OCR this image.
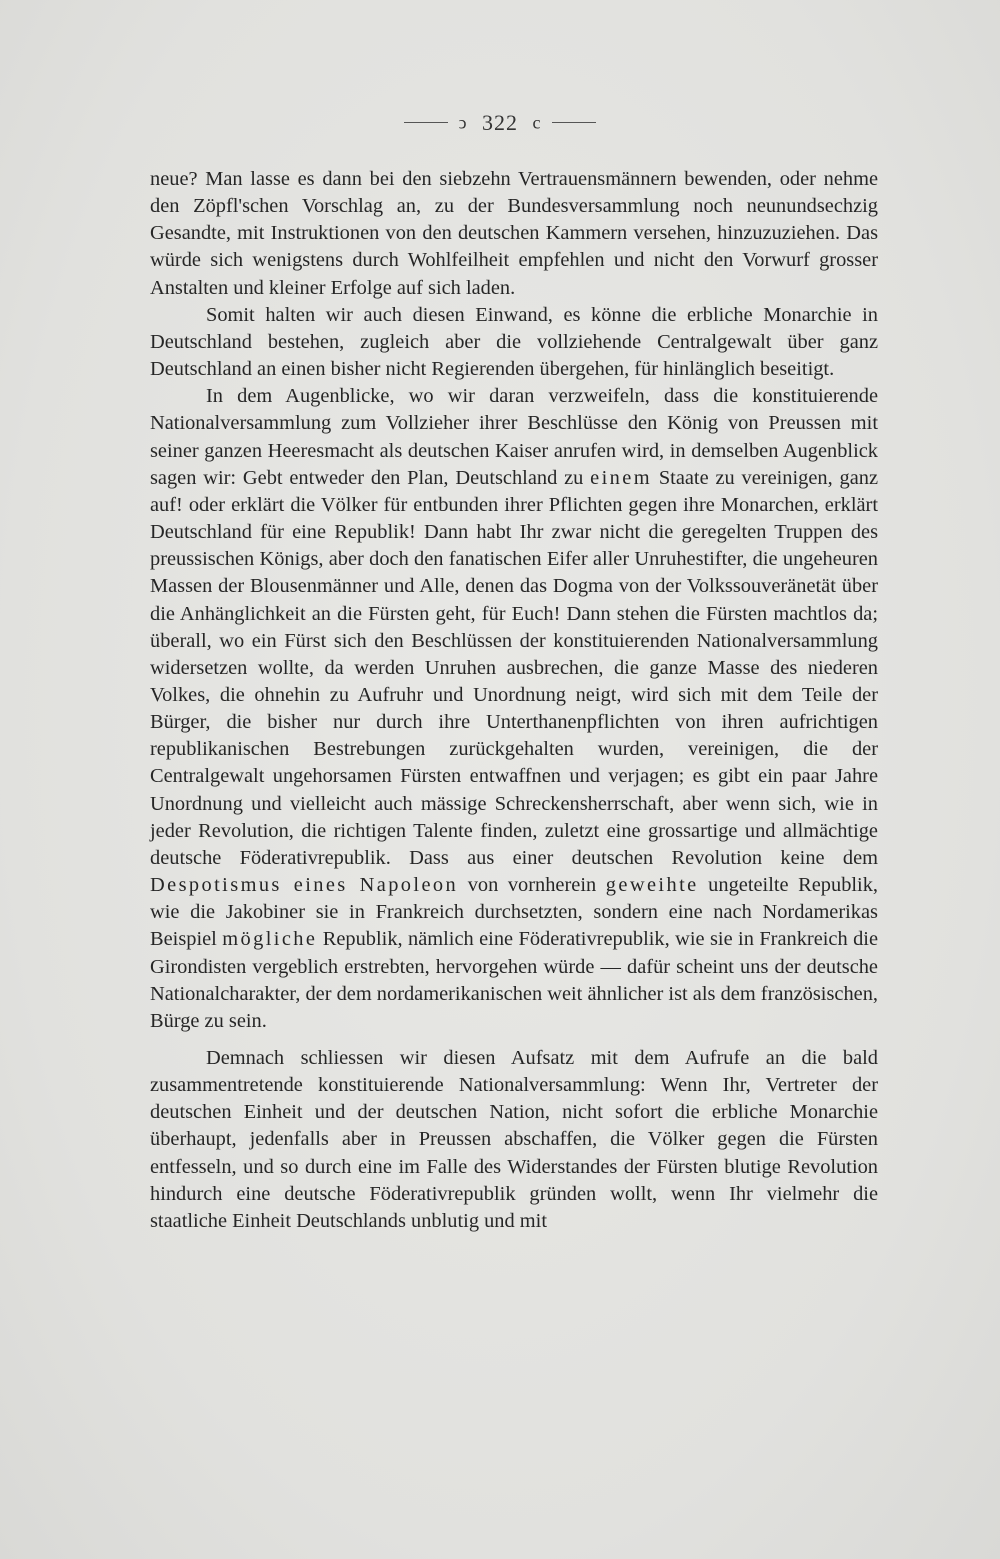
ↄ 322 c

neue? Man lasse es dann bei den siebzehn Vertrauensmännern bewenden, oder nehme den Zöpfl'schen Vorschlag an, zu der Bundesversammlung noch neunundsechzig Gesandte, mit Instruktionen von den deutschen Kammern versehen, hinzuzuziehen. Das würde sich wenigstens durch Wohlfeilheit empfehlen und nicht den Vorwurf grosser Anstalten und kleiner Erfolge auf sich laden.

Somit halten wir auch diesen Einwand, es könne die erbliche Monarchie in Deutschland bestehen, zugleich aber die vollziehende Centralgewalt über ganz Deutschland an einen bisher nicht Regierenden übergehen, für hinlänglich beseitigt.

In dem Augenblicke, wo wir daran verzweifeln, dass die konstituierende Nationalversammlung zum Vollzieher ihrer Beschlüsse den König von Preussen mit seiner ganzen Heeresmacht als deutschen Kaiser anrufen wird, in demselben Augenblick sagen wir: Gebt entweder den Plan, Deutschland zu einem Staate zu vereinigen, ganz auf! oder erklärt die Völker für entbunden ihrer Pflichten gegen ihre Monarchen, erklärt Deutschland für eine Republik! Dann habt Ihr zwar nicht die geregelten Truppen des preussischen Königs, aber doch den fanatischen Eifer aller Unruhestifter, die ungeheuren Massen der Blousenmänner und Alle, denen das Dogma von der Volkssouveränetät über die Anhänglichkeit an die Fürsten geht, für Euch! Dann stehen die Fürsten machtlos da; überall, wo ein Fürst sich den Beschlüssen der konstituierenden Nationalversammlung widersetzen wollte, da werden Unruhen ausbrechen, die ganze Masse des niederen Volkes, die ohnehin zu Aufruhr und Unordnung neigt, wird sich mit dem Teile der Bürger, die bisher nur durch ihre Unterthanenpflichten von ihren aufrichtigen republikanischen Bestrebungen zurückgehalten wurden, vereinigen, die der Centralgewalt ungehorsamen Fürsten entwaffnen und verjagen; es gibt ein paar Jahre Unordnung und vielleicht auch mässige Schreckensherrschaft, aber wenn sich, wie in jeder Revolution, die richtigen Talente finden, zuletzt eine grossartige und allmächtige deutsche Föderativrepublik. Dass aus einer deutschen Revolution keine dem Despotismus eines Napoleon von vornherein geweihte ungeteilte Republik, wie die Jakobiner sie in Frankreich durchsetzten, sondern eine nach Nordamerikas Beispiel mögliche Republik, nämlich eine Föderativrepublik, wie sie in Frankreich die Girondisten vergeblich erstrebten, hervorgehen würde — dafür scheint uns der deutsche Nationalcharakter, der dem nordamerikanischen weit ähnlicher ist als dem französischen, Bürge zu sein.

Demnach schliessen wir diesen Aufsatz mit dem Aufrufe an die bald zusammentretende konstituierende Nationalversammlung: Wenn Ihr, Vertreter der deutschen Einheit und der deutschen Nation, nicht sofort die erbliche Monarchie überhaupt, jedenfalls aber in Preussen abschaffen, die Völker gegen die Fürsten entfesseln, und so durch eine im Falle des Widerstandes der Fürsten blutige Revolution hindurch eine deutsche Föderativrepublik gründen wollt, wenn Ihr vielmehr die staatliche Einheit Deutschlands unblutig und mit
